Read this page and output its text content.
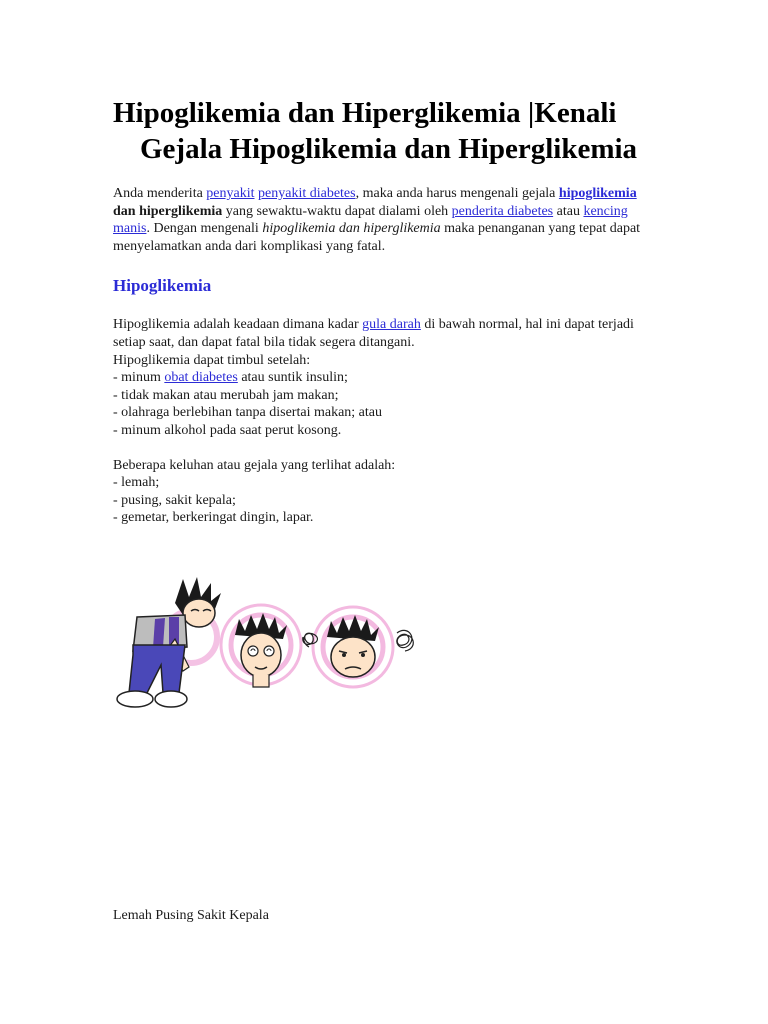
Hipoglikemia dan Hiperglikemia |Kenali Gejala Hipoglikemia dan Hiperglikemia

Anda menderita penyakit penyakit diabetes, maka anda harus mengenali gejala hipoglikemia dan hiperglikemia yang sewaktu-waktu dapat dialami oleh penderita diabetes atau kencing manis. Dengan mengenali hipoglikemia dan hiperglikemia maka penanganan yang tepat dapat menyelamatkan anda dari komplikasi yang fatal.

Hipoglikemia

Hipoglikemia adalah keadaan dimana kadar gula darah di bawah normal, hal ini dapat terjadi setiap saat, dan dapat fatal bila tidak segera ditangani.
Hipoglikemia dapat timbul setelah:
- minum obat diabetes atau suntik insulin;
- tidak makan atau merubah jam makan;
- olahraga berlebihan tanpa disertai makan; atau
- minum alkohol pada saat perut kosong.

Beberapa keluhan atau gejala yang terlihat adalah:
- lemah;
- pusing, sakit kepala;
- gemetar, berkeringat dingin, lapar.

Lemah Pusing Sakit Kepala
